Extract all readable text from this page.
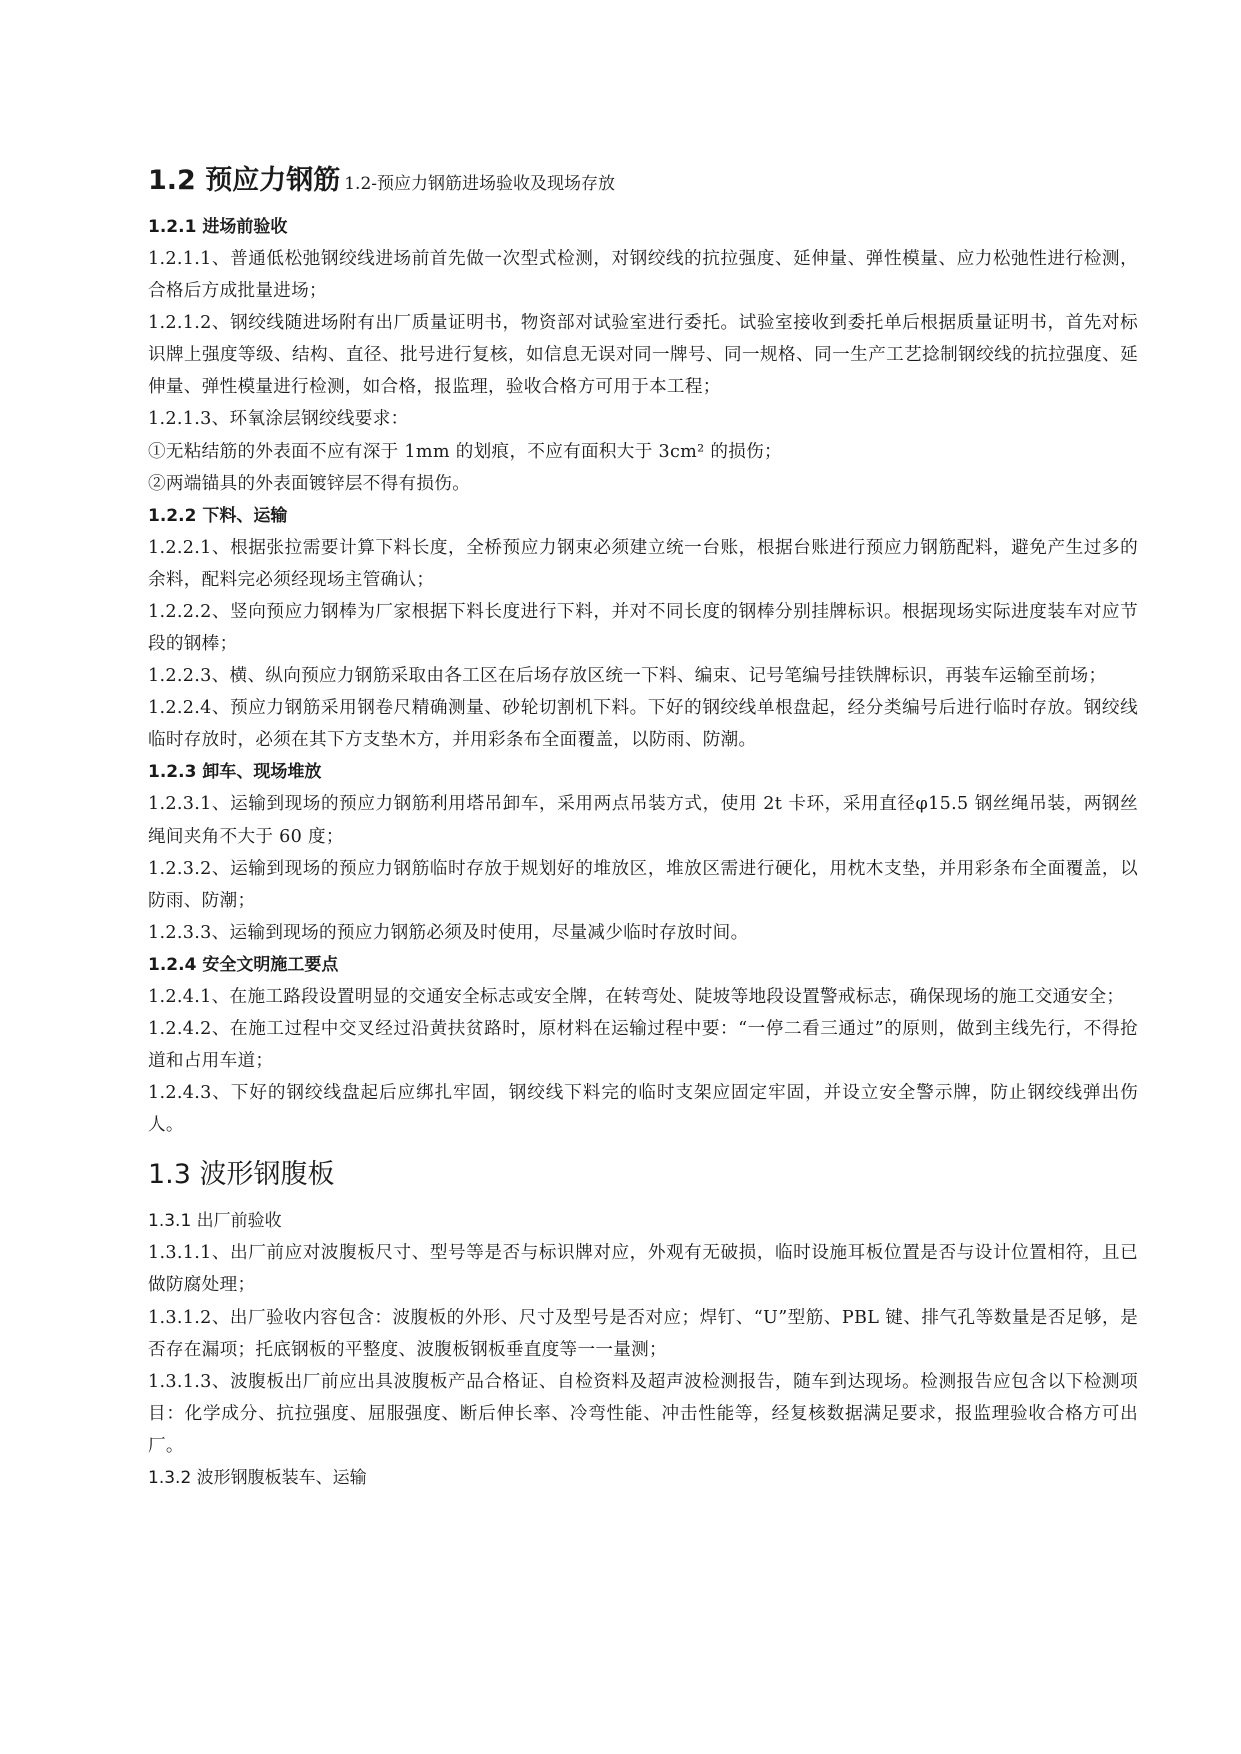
1.2 预应力钢筋 1.2-预应力钢筋进场验收及现场存放
1.2.1 进场前验收

1.2.1.1、普通低松弛钢绞线进场前首先做一次型式检测，对钢绞线的抗拉强度、延伸量、弹性模量、应力松弛性进行检测，合格后方成批量进场；

1.2.1.2、钢绞线随进场附有出厂质量证明书，物资部对试验室进行委托。试验室接收到委托单后根据质量证明书，首先对标识牌上强度等级、结构、直径、批号进行复核，如信息无误对同一牌号、同一规格、同一生产工艺捻制钢绞线的抗拉强度、延伸量、弹性模量进行检测，如合格，报监理，验收合格方可用于本工程；

1.2.1.3、环氧涂层钢绞线要求：

①无粘结筋的外表面不应有深于 1mm 的划痕，不应有面积大于 3cm² 的损伤；

②两端锚具的外表面镀锌层不得有损伤。

1.2.2 下料、运输

1.2.2.1、根据张拉需要计算下料长度，全桥预应力钢束必须建立统一台账，根据台账进行预应力钢筋配料，避免产生过多的余料，配料完必须经现场主管确认；

1.2.2.2、竖向预应力钢棒为厂家根据下料长度进行下料，并对不同长度的钢棒分别挂牌标识。根据现场实际进度装车对应节段的钢棒；

1.2.2.3、横、纵向预应力钢筋采取由各工区在后场存放区统一下料、编束、记号笔编号挂铁牌标识，再装车运输至前场；

1.2.2.4、预应力钢筋采用钢卷尺精确测量、砂轮切割机下料。下好的钢绞线单根盘起，经分类编号后进行临时存放。钢绞线临时存放时，必须在其下方支垫木方，并用彩条布全面覆盖，以防雨、防潮。

1.2.3 卸车、现场堆放

1.2.3.1、运输到现场的预应力钢筋利用塔吊卸车，采用两点吊装方式，使用 2t 卡环，采用直径φ15.5 钢丝绳吊装，两钢丝绳间夹角不大于 60 度；

1.2.3.2、运输到现场的预应力钢筋临时存放于规划好的堆放区，堆放区需进行硬化，用枕木支垫，并用彩条布全面覆盖，以防雨、防潮；

1.2.3.3、运输到现场的预应力钢筋必须及时使用，尽量减少临时存放时间。

1.2.4 安全文明施工要点

1.2.4.1、在施工路段设置明显的交通安全标志或安全牌，在转弯处、陡坡等地段设置警戒标志，确保现场的施工交通安全；

1.2.4.2、在施工过程中交叉经过沿黄扶贫路时，原材料在运输过程中要：“一停二看三通过”的原则，做到主线先行，不得抢道和占用车道；

1.2.4.3、下好的钢绞线盘起后应绑扎牢固，钢绞线下料完的临时支架应固定牢固，并设立安全警示牌，防止钢绞线弹出伤人。

1.3 波形钢腹板
1.3.1 出厂前验收

1.3.1.1、出厂前应对波腹板尺寸、型号等是否与标识牌对应，外观有无破损，临时设施耳板位置是否与设计位置相符，且已做防腐处理；

1.3.1.2、出厂验收内容包含：波腹板的外形、尺寸及型号是否对应；焊钉、“U”型筋、PBL 键、排气孔等数量是否足够，是否存在漏项；托底钢板的平整度、波腹板钢板垂直度等一一量测；

1.3.1.3、波腹板出厂前应出具波腹板产品合格证、自检资料及超声波检测报告，随车到达现场。检测报告应包含以下检测项目：化学成分、抗拉强度、屈服强度、断后伸长率、冷弯性能、冲击性能等，经复核数据满足要求，报监理验收合格方可出厂。

1.3.2 波形钢腹板装车、运输
